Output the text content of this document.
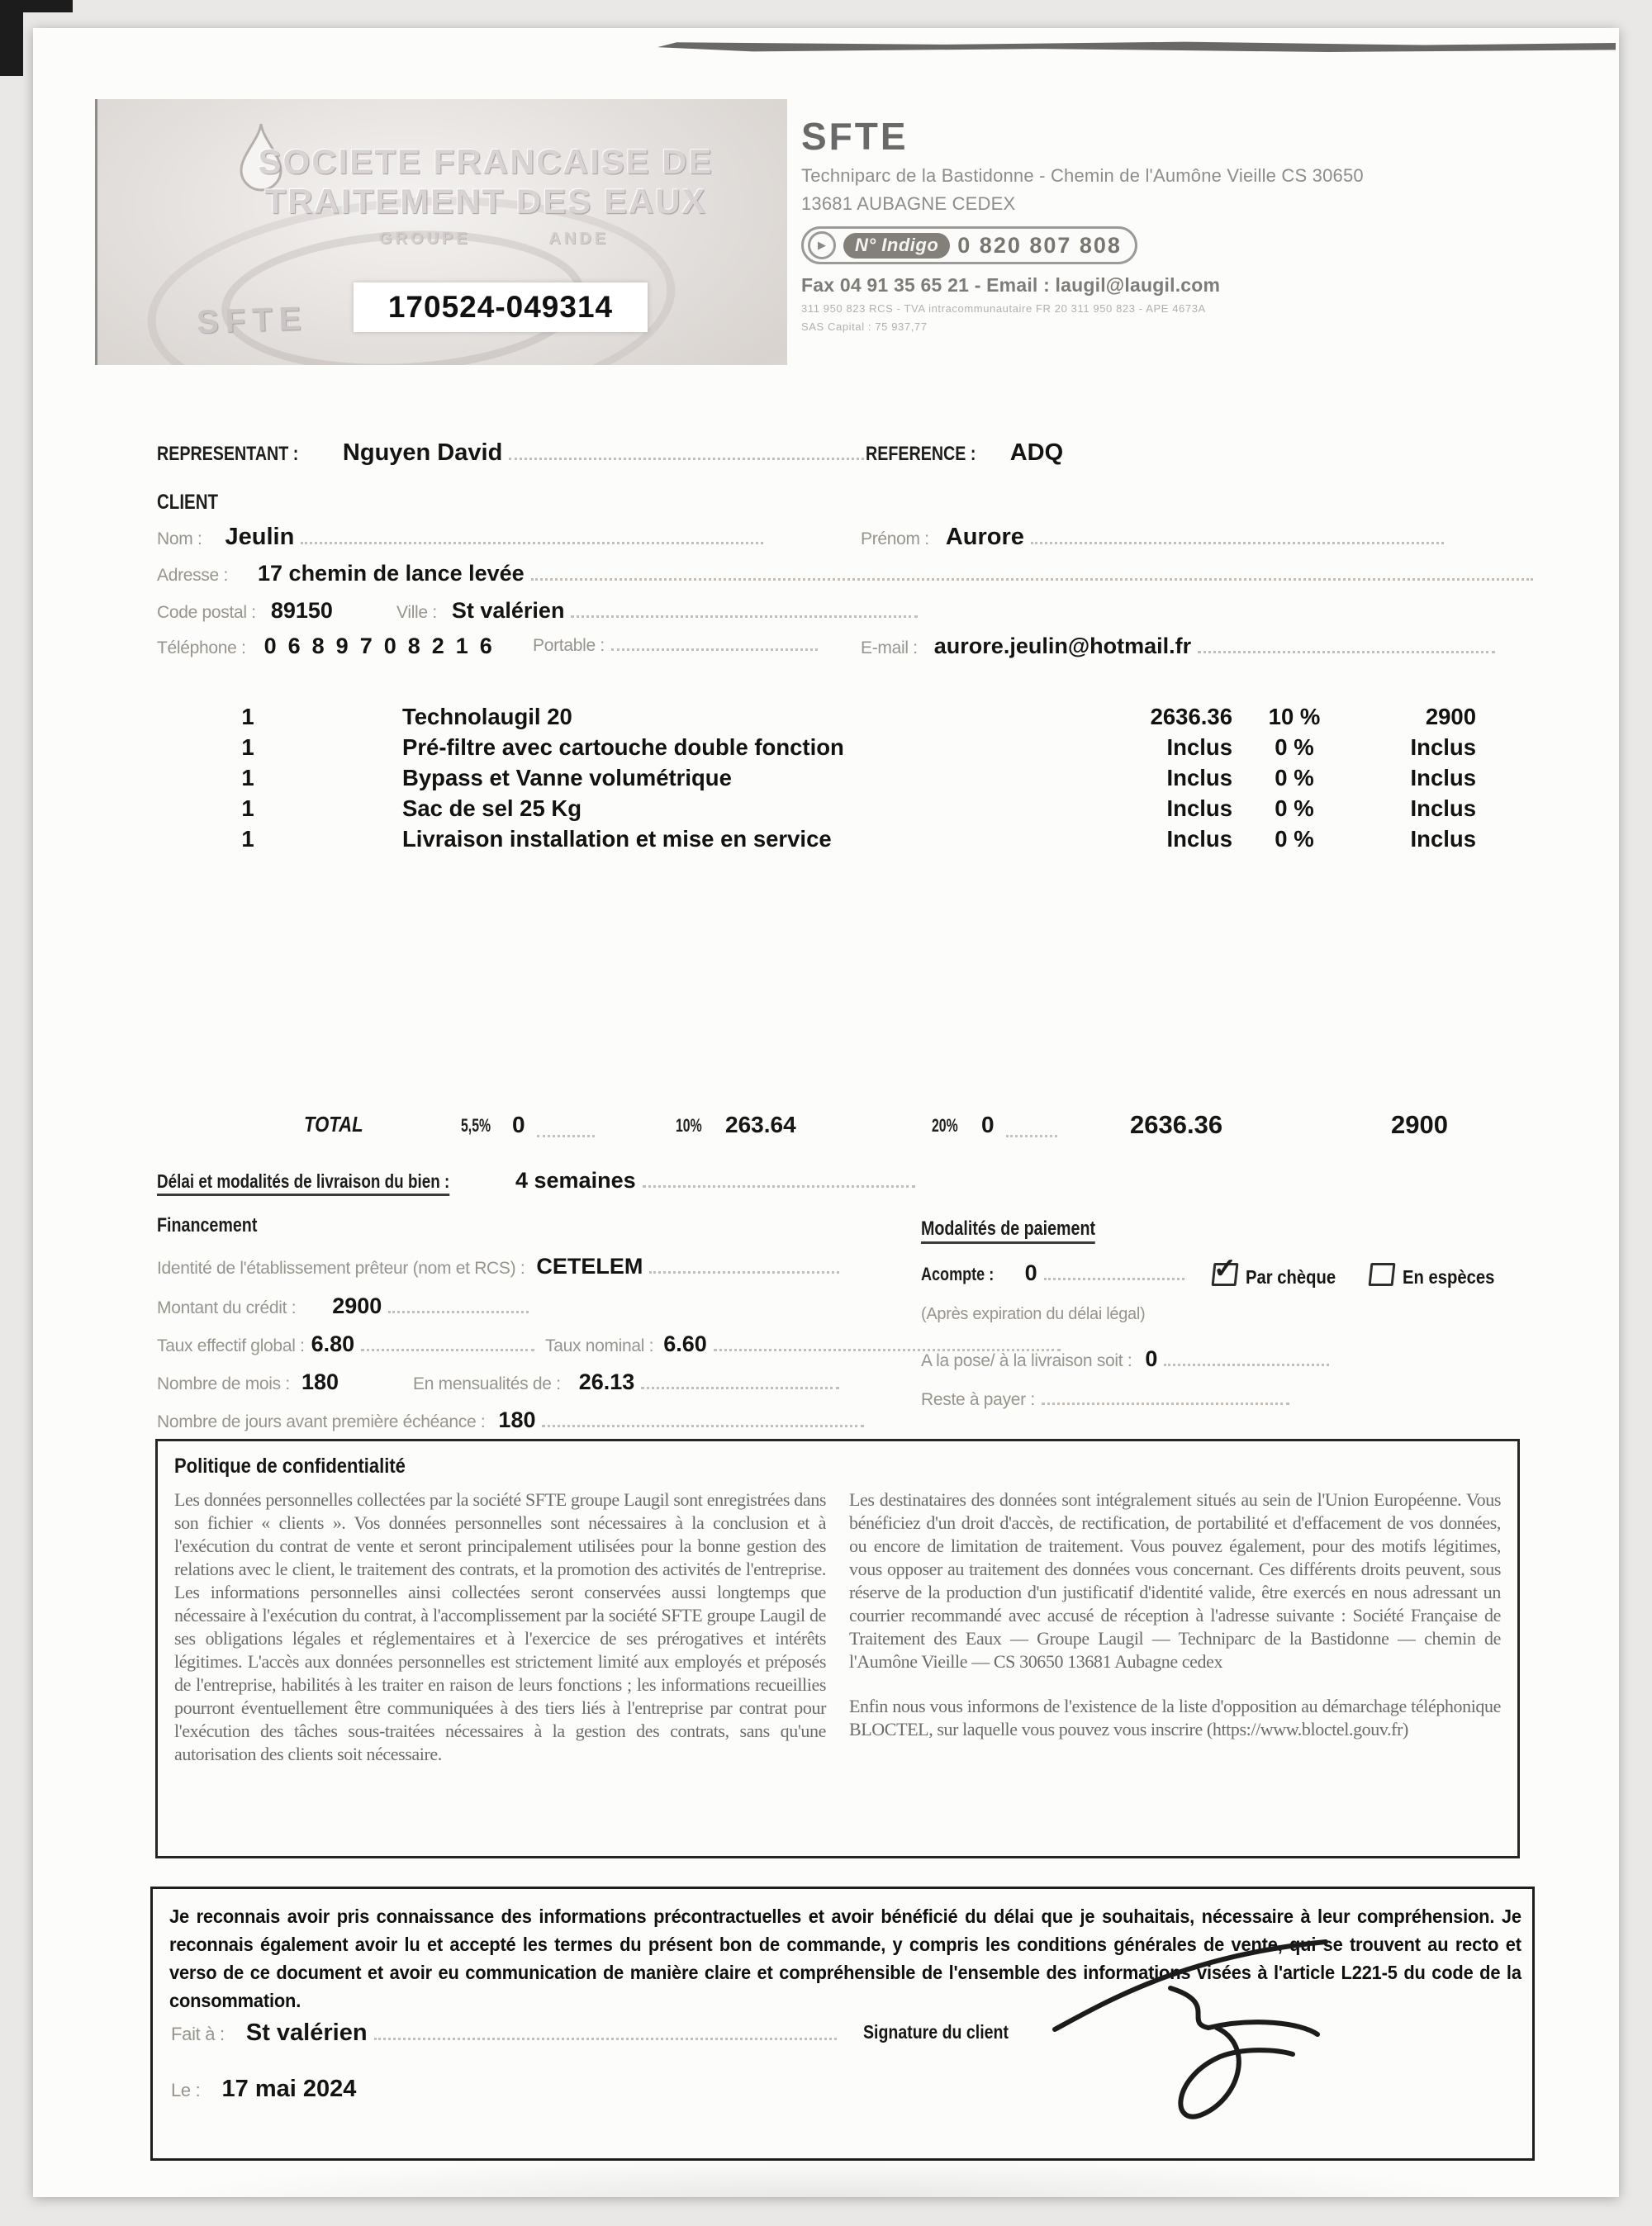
SOCIETE FRANCAISE DE
TRAITEMENT DES EAUX
GROUPE          ANDE
SFTE	170524-049314
SFTE
Techniparc de la Bastidonne - Chemin de l'Aumône Vieille CS 30650
13681 AUBAGNE CEDEX
▶	N° Indigo 0 820 807 808
Fax 04 91 35 65 21 - Email : laugil@laugil.com
311 950 823 RCS - TVA intracommunautaire FR 20 311 950 823 - APE 4673A
SAS Capital : 75 937,77
REPRESENTANT : Nguyen David	REFERENCE : ADQ
CLIENT
Nom : Jeulin	Prénom : Aurore
Adresse : 17 chemin de lance levée
Code postal : 89150	Ville : St valérien
Téléphone : 0689708216 Portable :	E-mail : aurore.jeulin@hotmail.fr
1	Technolaugil 20	2636.36	10 %	2900
1	Pré-filtre avec cartouche double fonction	Inclus	0 %	Inclus
1	Bypass et Vanne volumétrique	Inclus	0 %	Inclus
1	Sac de sel 25 Kg	Inclus	0 %	Inclus
1	Livraison installation et mise en service	Inclus	0 %	Inclus
TOTAL	5,5% 0	10% 263.64	20% 0	2636.36	2900
Délai et modalités de livraison du bien :	4 semaines
Financement
Identité de l'établissement prêteur (nom et RCS) : CETELEM
Montant du crédit : 2900
Taux effectif global : 6.80	Taux nominal : 6.60
Nombre de mois : 180	En mensualités de : 26.13
Nombre de jours avant première échéance : 180
Modalités de paiement
Acompte : 0	✓ Par chèque	En espèces
(Après expiration du délai légal)
A la pose/ à la livraison soit : 0
Reste à payer :
Politique de confidentialité
Les données personnelles collectées par la société SFTE groupe Laugil sont enregistrées dans son fichier « clients ». Vos données personnelles sont nécessaires à la conclusion et à l'exécution du contrat de vente et seront principalement utilisées pour la bonne gestion des relations avec le client, le traitement des contrats, et la promotion des activités de l'entreprise. Les informations personnelles ainsi collectées seront conservées aussi longtemps que nécessaire à l'exécution du contrat, à l'accomplissement par la société SFTE groupe Laugil de ses obligations légales et réglementaires et à l'exercice de ses prérogatives et intérêts légitimes. L'accès aux données personnelles est strictement limité aux employés et préposés de l'entreprise, habilités à les traiter en raison de leurs fonctions ; les informations recueillies pourront éventuellement être communiquées à des tiers liés à l'entreprise par contrat pour l'exécution des tâches sous-traitées nécessaires à la gestion des contrats, sans qu'une autorisation des clients soit nécessaire.

Les destinataires des données sont intégralement situés au sein de l'Union Européenne. Vous bénéficiez d'un droit d'accès, de rectification, de portabilité et d'effacement de vos données, ou encore de limitation de traitement. Vous pouvez également, pour des motifs légitimes, vous opposer au traitement des données vous concernant. Ces différents droits peuvent, sous réserve de la production d'un justificatif d'identité valide, être exercés en nous adressant un courrier recommandé avec accusé de réception à l'adresse suivante : Société Française de Traitement des Eaux — Groupe Laugil — Techniparc de la Bastidonne — chemin de l'Aumône Vieille — CS 30650 13681 Aubagne cedex

Enfin nous vous informons de l'existence de la liste d'opposition au démarchage téléphonique BLOCTEL, sur laquelle vous pouvez vous inscrire (https://www.bloctel.gouv.fr)

Je reconnais avoir pris connaissance des informations précontractuelles et avoir bénéficié du délai que je souhaitais, nécessaire à leur compréhension. Je reconnais également avoir lu et accepté les termes du présent bon de commande, y compris les conditions générales de vente, qui se trouvent au recto et verso de ce document et avoir eu communication de manière claire et compréhensible de l'ensemble des informations visées à l'article L221-5 du code de la consommation.
Fait à : St valérien
Le : 17 mai 2024
Signature du client
